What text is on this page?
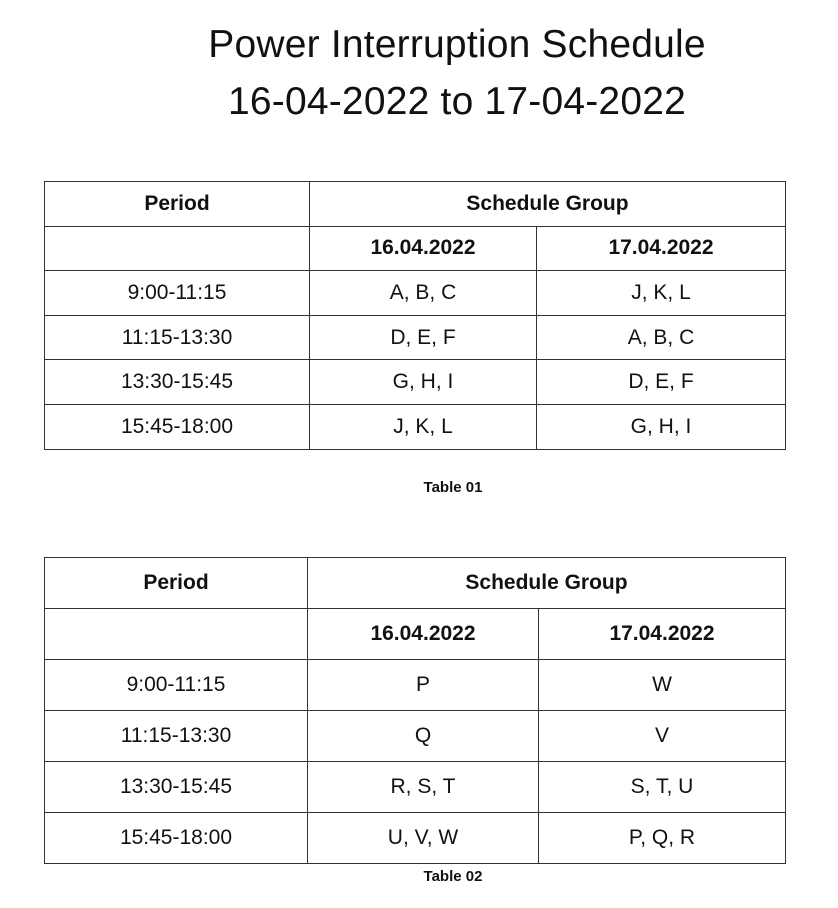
Power Interruption Schedule
16-04-2022 to 17-04-2022
Period	Schedule Group	
	16.04.2022	17.04.2022
9:00-11:15	A, B, C	J, K, L
11:15-13:30	D, E, F	A, B, C
13:30-15:45	G, H, I	D, E, F
15:45-18:00	J, K, L	G, H, I
Table 01
Period	Schedule Group	
	16.04.2022	17.04.2022
9:00-11:15	P	W
11:15-13:30	Q	V
13:30-15:45	R, S, T	S, T, U
15:45-18:00	U, V, W	P, Q, R
Table 02
